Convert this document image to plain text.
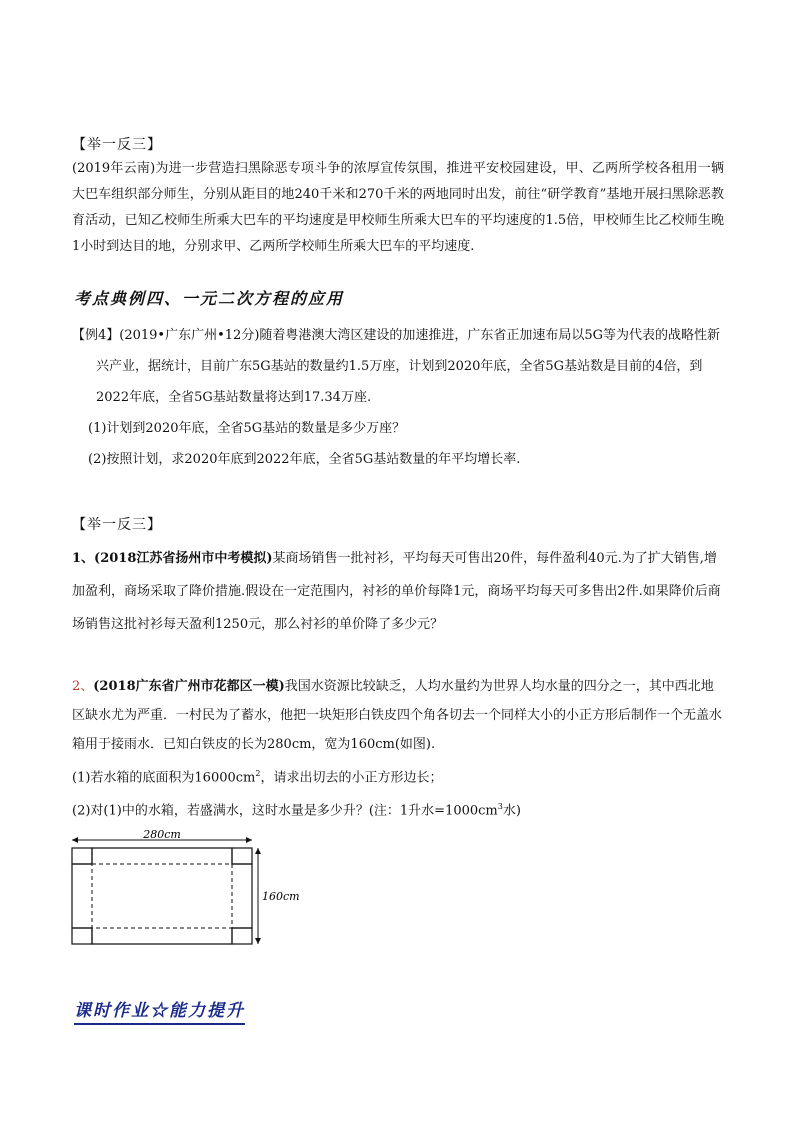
【举一反三】

(2019年云南)为进一步营造扫黑除恶专项斗争的浓厚宣传氛围，推进平安校园建设，甲、乙两所学校各租用一辆大巴车组织部分师生，分别从距目的地240千米和270千米的两地同时出发，前往“研学教育”基地开展扫黑除恶教育活动，已知乙校师生所乘大巴车的平均速度是甲校师生所乘大巴车的平均速度的1.5倍，甲校师生比乙校师生晚1小时到达目的地，分别求甲、乙两所学校师生所乘大巴车的平均速度.

考点典例四、一元二次方程的应用

【例4】(2019•广东广州•12分)随着粤港澳大湾区建设的加速推进，广东省正加速布局以5G等为代表的战略性新兴产业，据统计，目前广东5G基站的数量约1.5万座，计划到2020年底，全省5G基站数是目前的4倍，到2022年底，全省5G基站数量将达到17.34万座.

(1)计划到2020年底，全省5G基站的数量是多少万座？

(2)按照计划，求2020年底到2022年底，全省5G基站数量的年平均增长率.

【举一反三】

1、(2018江苏省扬州市中考模拟)某商场销售一批衬衫，平均每天可售出20件，每件盈利40元.为了扩大销售,增加盈利，商场采取了降价措施.假设在一定范围内，衬衫的单价每降1元，商场平均每天可多售出2件.如果降价后商场销售这批衬衫每天盈利1250元，那么衬衫的单价降了多少元？

2、(2018广东省广州市花都区一模)我国水资源比较缺乏，人均水量约为世界人均水量的四分之一，其中西北地区缺水尤为严重．一村民为了蓄水，他把一块矩形白铁皮四个角各切去一个同样大小的小正方形后制作一个无盖水箱用于接雨水．已知白铁皮的长为280cm，宽为160cm(如图).

(1)若水箱的底面积为$16000cm^2$，请求出切去的小正方形边长；

(2)对(1)中的水箱，若盛满水，这时水量是多少升？(注：1升水$=1000cm^3$水)

280cm
160cm
课时作业☆能力提升
